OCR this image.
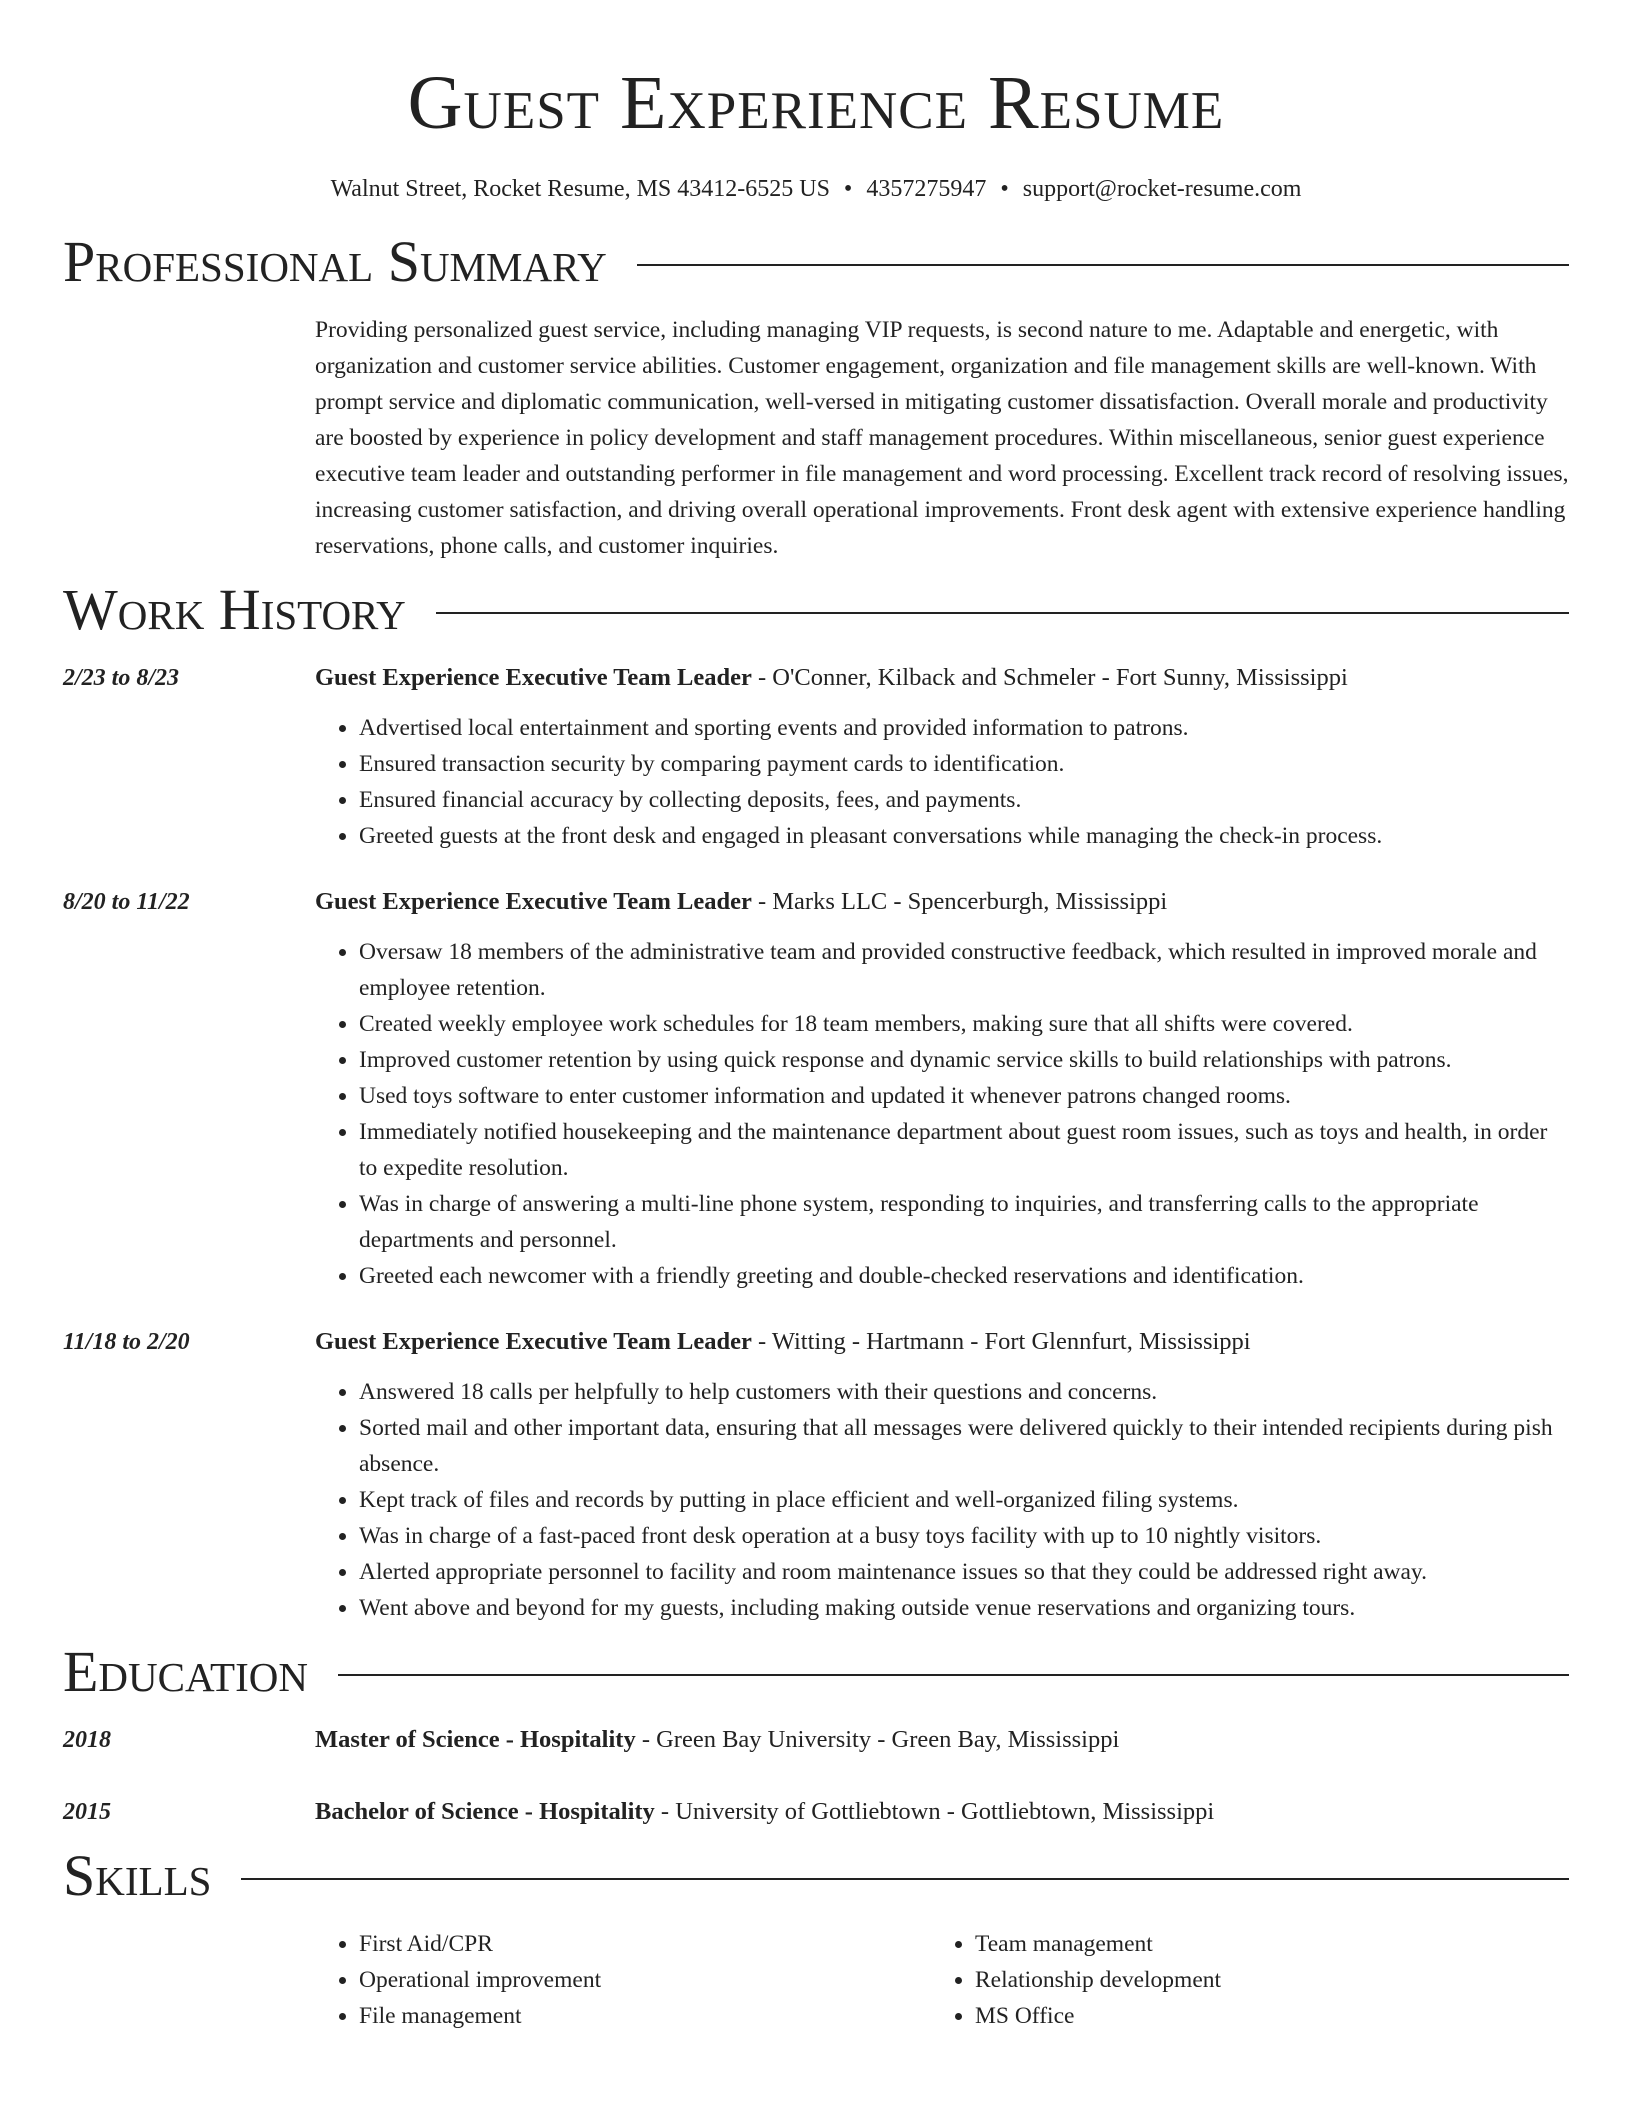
Guest Experience Resume
Walnut Street, Rocket Resume, MS 43412-6525 US • 4357275947 • support@rocket-resume.com
Professional Summary
Providing personalized guest service, including managing VIP requests, is second nature to me. Adaptable and energetic, with organization and customer service abilities. Customer engagement, organization and file management skills are well-known. With prompt service and diplomatic communication, well-versed in mitigating customer dissatisfaction. Overall morale and productivity are boosted by experience in policy development and staff management procedures. Within miscellaneous, senior guest experience executive team leader and outstanding performer in file management and word processing. Excellent track record of resolving issues, increasing customer satisfaction, and driving overall operational improvements. Front desk agent with extensive experience handling reservations, phone calls, and customer inquiries.
Work History
2/23 to 8/23	Guest Experience Executive Team Leader - O'Conner, Kilback and Schmeler - Fort Sunny, Mississippi
• Advertised local entertainment and sporting events and provided information to patrons.
• Ensured transaction security by comparing payment cards to identification.
• Ensured financial accuracy by collecting deposits, fees, and payments.
• Greeted guests at the front desk and engaged in pleasant conversations while managing the check-in process.
8/20 to 11/22	Guest Experience Executive Team Leader - Marks LLC - Spencerburgh, Mississippi
• Oversaw 18 members of the administrative team and provided constructive feedback, which resulted in improved morale and employee retention.
• Created weekly employee work schedules for 18 team members, making sure that all shifts were covered.
• Improved customer retention by using quick response and dynamic service skills to build relationships with patrons.
• Used toys software to enter customer information and updated it whenever patrons changed rooms.
• Immediately notified housekeeping and the maintenance department about guest room issues, such as toys and health, in order to expedite resolution.
• Was in charge of answering a multi-line phone system, responding to inquiries, and transferring calls to the appropriate departments and personnel.
• Greeted each newcomer with a friendly greeting and double-checked reservations and identification.
11/18 to 2/20	Guest Experience Executive Team Leader - Witting - Hartmann - Fort Glennfurt, Mississippi
• Answered 18 calls per helpfully to help customers with their questions and concerns.
• Sorted mail and other important data, ensuring that all messages were delivered quickly to their intended recipients during pish absence.
• Kept track of files and records by putting in place efficient and well-organized filing systems.
• Was in charge of a fast-paced front desk operation at a busy toys facility with up to 10 nightly visitors.
• Alerted appropriate personnel to facility and room maintenance issues so that they could be addressed right away.
• Went above and beyond for my guests, including making outside venue reservations and organizing tours.
Education
2018	Master of Science - Hospitality - Green Bay University - Green Bay, Mississippi
2015	Bachelor of Science - Hospitality - University of Gottliebtown - Gottliebtown, Mississippi
Skills
• First Aid/CPR
• Operational improvement
• File management
• Team management
• Relationship development
• MS Office
